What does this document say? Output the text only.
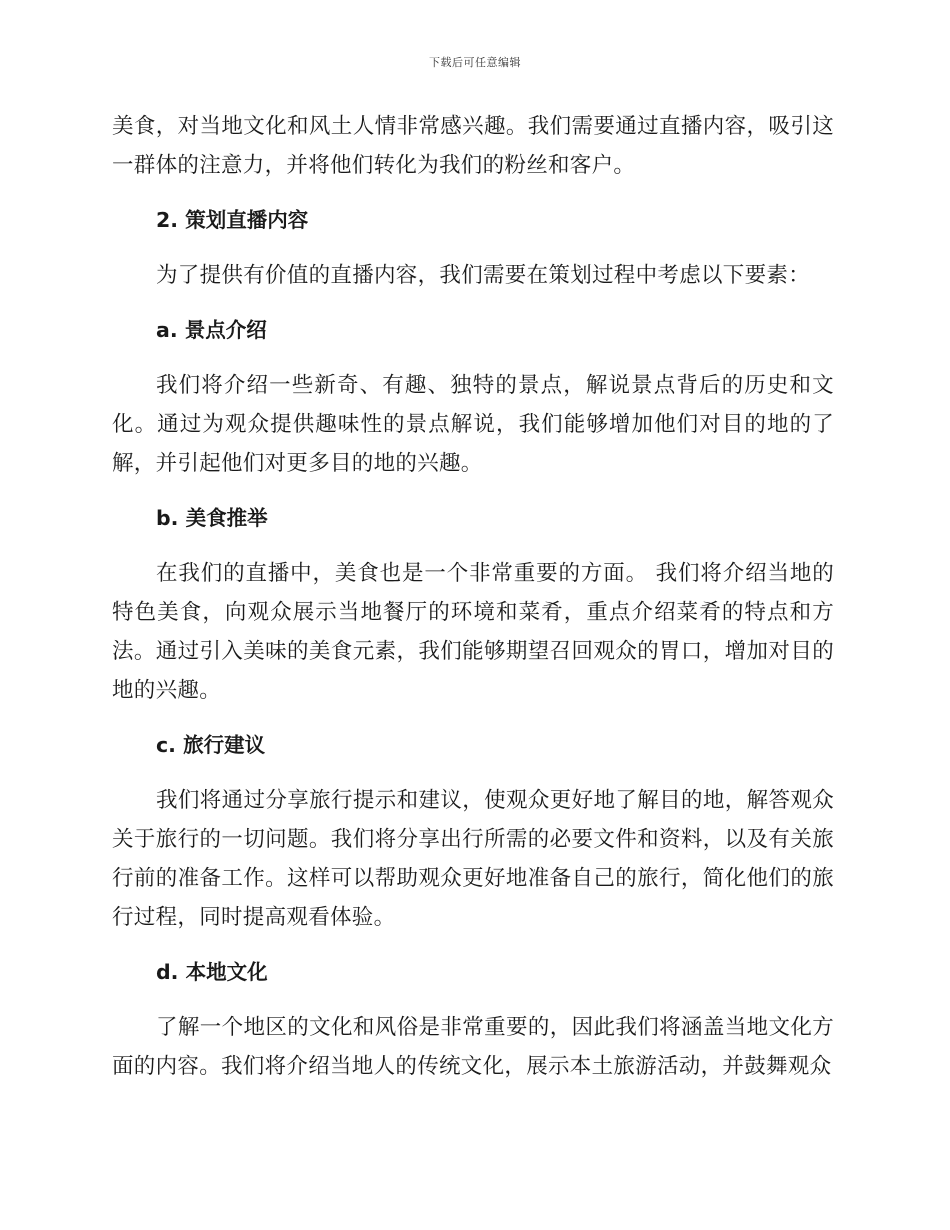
下载后可任意编辑

美食，对当地文化和风土人情非常感兴趣。我们需要通过直播内容，吸引这一群体的注意力，并将他们转化为我们的粉丝和客户。

2. 策划直播内容

为了提供有价值的直播内容，我们需要在策划过程中考虑以下要素：

a. 景点介绍

我们将介绍一些新奇、有趣、独特的景点，解说景点背后的历史和文化。通过为观众提供趣味性的景点解说，我们能够增加他们对目的地的了解，并引起他们对更多目的地的兴趣。

b. 美食推举

在我们的直播中，美食也是一个非常重要的方面。 我们将介绍当地的特色美食，向观众展示当地餐厅的环境和菜肴，重点介绍菜肴的特点和方法。通过引入美味的美食元素，我们能够期望召回观众的胃口，增加对目的地的兴趣。

c. 旅行建议

我们将通过分享旅行提示和建议，使观众更好地了解目的地，解答观众关于旅行的一切问题。我们将分享出行所需的必要文件和资料，以及有关旅行前的准备工作。这样可以帮助观众更好地准备自己的旅行，简化他们的旅行过程，同时提高观看体验。

d. 本地文化

了解一个地区的文化和风俗是非常重要的，因此我们将涵盖当地文化方面的内容。我们将介绍当地人的传统文化，展示本土旅游活动，并鼓舞观众
